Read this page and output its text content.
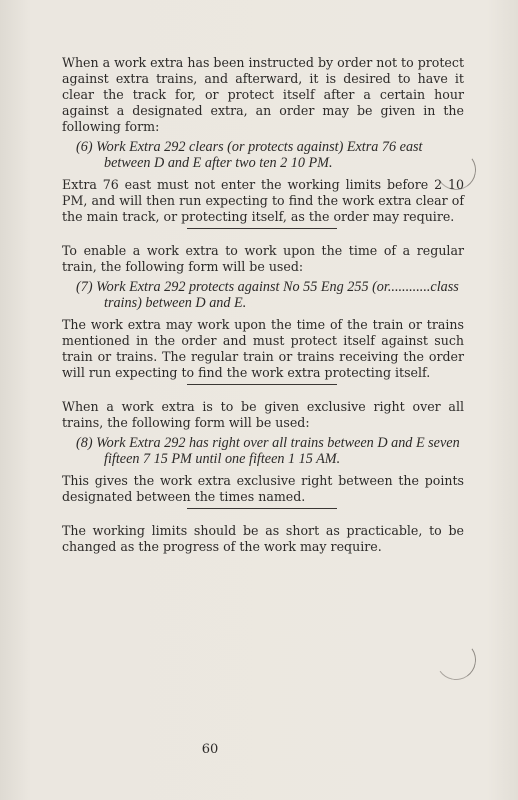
When a work extra has been instructed by order not to protect against extra trains, and afterward, it is desired to have it clear the track for, or protect itself after a certain hour against a designated extra, an order may be given in the following form:

(6) Work Extra 292 clears (or protects against) Extra 76 east between D and E after two ten 2 10 PM.

Extra 76 east must not enter the working limits before 2 10 PM, and will then run expecting to find the work extra clear of the main track, or protecting itself, as the order may require.

To enable a work extra to work upon the time of a regular train, the following form will be used:

(7) Work Extra 292 protects against No 55 Eng 255 (or............class trains) between D and E.

The work extra may work upon the time of the train or trains mentioned in the order and must protect itself against such train or trains. The regular train or trains receiving the order will run expecting to find the work extra protecting itself.

When a work extra is to be given exclusive right over all trains, the following form will be used:

(8) Work Extra 292 has right over all trains between D and E seven fifteen 7 15 PM until one fifteen 1 15 AM.

This gives the work extra exclusive right between the points designated between the times named.

The working limits should be as short as practicable, to be changed as the progress of the work may require.

60
